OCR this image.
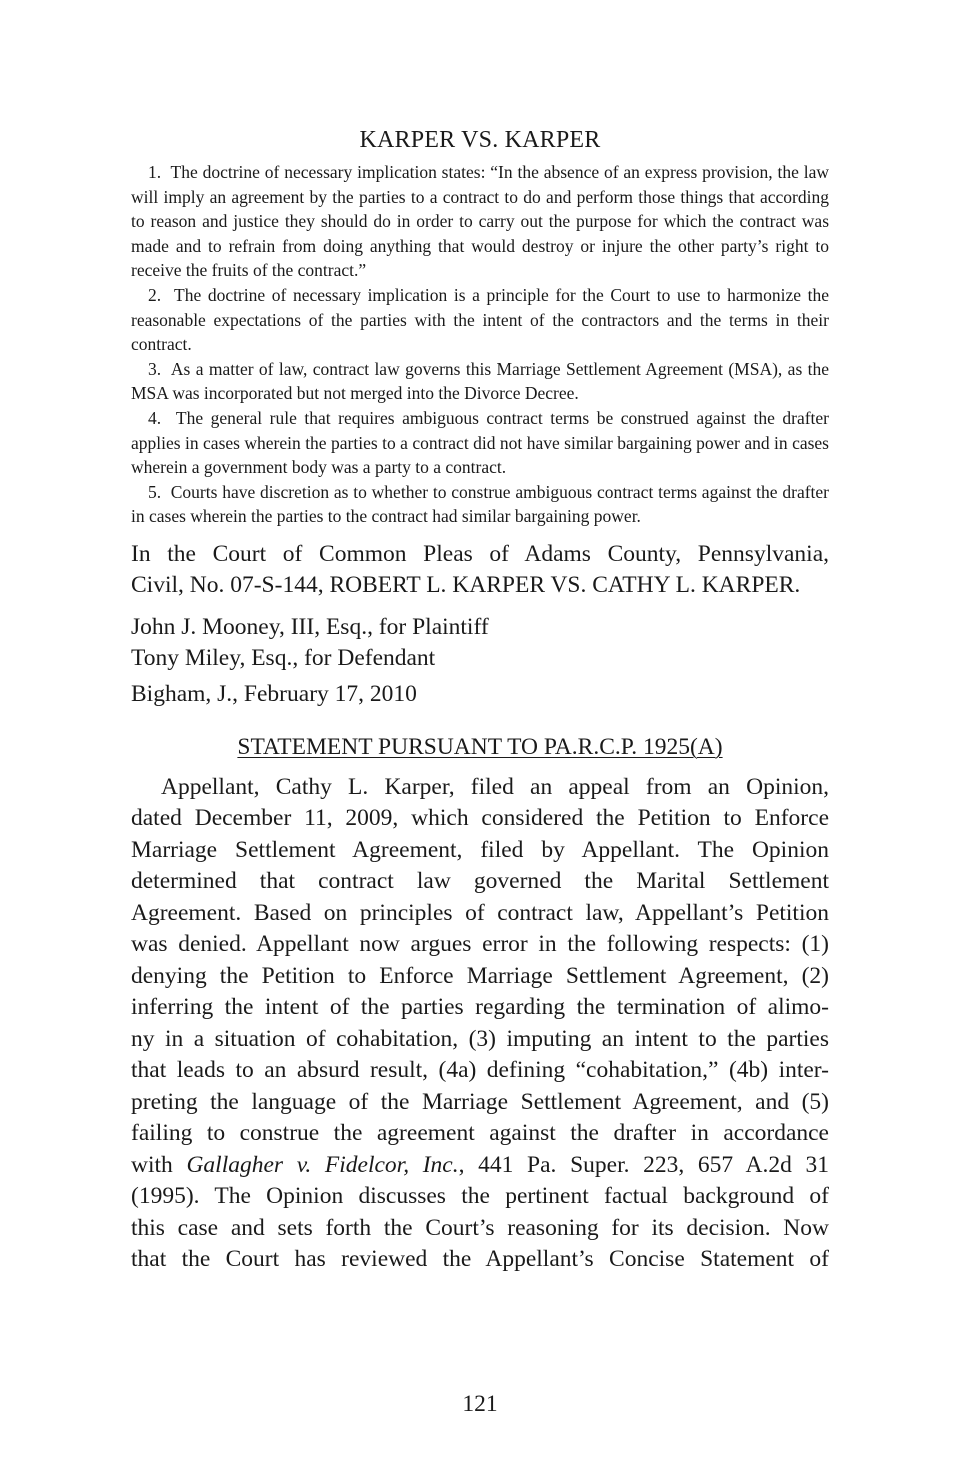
KARPER VS. KARPER

1.  The doctrine of necessary implication states: “In the absence of an express provision, the law will imply an agreement by the parties to a contract to do and perform those things that according to reason and justice they should do in order to carry out the purpose for which the contract was made and to refrain from doing anything that would destroy or injure the other party’s right to receive the fruits of the contract.”

2.  The doctrine of necessary implication is a principle for the Court to use to harmonize the reasonable expectations of the parties with the intent of the contractors and the terms in their contract.

3.  As a matter of law, contract law governs this Marriage Settlement Agreement (MSA), as the MSA was incorporated but not merged into the Divorce Decree.

4.  The general rule that requires ambiguous contract terms be construed against the drafter applies in cases wherein the parties to a contract did not have similar bargaining power and in cases wherein a government body was a party to a contract.

5.  Courts have discretion as to whether to construe ambiguous contract terms against the drafter in cases wherein the parties to the contract had similar bargaining power.

In the Court of Common Pleas of Adams County, Pennsylvania,
Civil, No. 07-S-144, ROBERT L. KARPER VS. CATHY L. KARPER.
John J. Mooney, III, Esq., for Plaintiff
Tony Miley, Esq., for Defendant
Bigham, J., February 17, 2010
STATEMENT PURSUANT TO PA.R.C.P. 1925(A)
Appellant, Cathy L. Karper, filed an appeal from an Opinion,
dated December 11, 2009, which considered the Petition to Enforce
Marriage Settlement Agreement, filed by Appellant. The Opinion
determined that contract law governed the Marital Settlement
Agreement. Based on principles of contract law, Appellant’s Petition
was denied. Appellant now argues error in the following respects: (1)
denying the Petition to Enforce Marriage Settlement Agreement, (2)
inferring the intent of the parties regarding the termination of alimo-
ny in a situation of cohabitation, (3) imputing an intent to the parties
that leads to an absurd result, (4a) defining “cohabitation,” (4b) inter-
preting the language of the Marriage Settlement Agreement, and (5)
failing to construe the agreement against the drafter in accordance
with Gallagher v. Fidelcor, Inc., 441 Pa. Super. 223, 657 A.2d 31
(1995). The Opinion discusses the pertinent factual background of
this case and sets forth the Court’s reasoning for its decision. Now
that the Court has reviewed the Appellant’s Concise Statement of
121
